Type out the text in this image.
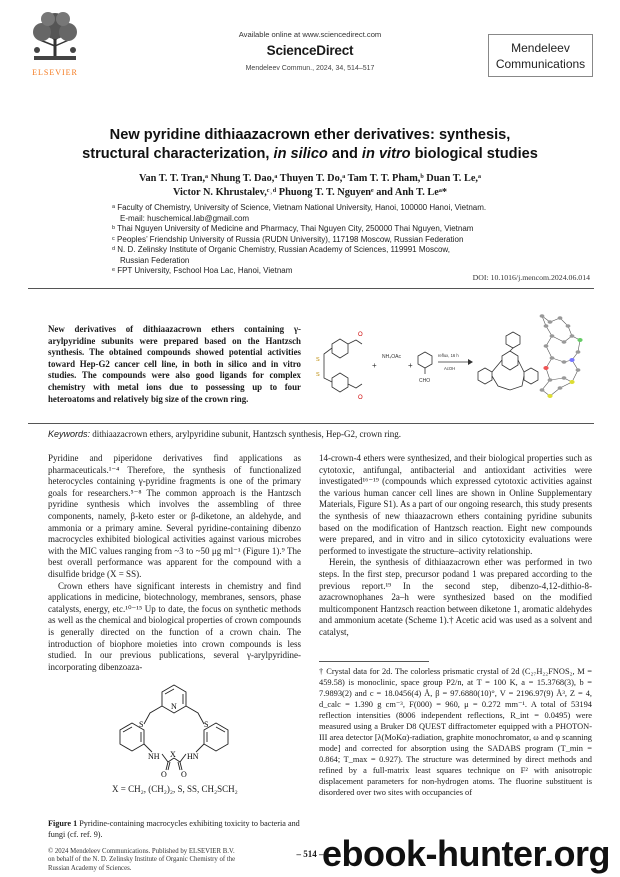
ELSEVIER
Available online at www.sciencedirect.com
ScienceDirect
Mendeleev Commun., 2024, 34, 514–517
Mendeleev
Communications
New pyridine dithiaazacrown ether derivatives: synthesis,
structural characterization, in silico and in vitro biological studies
Van T. T. Tran,ᵃ Nhung T. Dao,ᵃ Thuyen T. Do,ᵃ Tam T. T. Pham,ᵇ Duan T. Le,ᵃ
Victor N. Khrustalev,ᶜ˒ᵈ Phuong T. T. Nguyenᵉ and Anh T. Leᵃ*
ᵃ Faculty of Chemistry, University of Science, Vietnam National University, Hanoi, 100000 Hanoi, Vietnam.
E-mail: huschemical.lab@gmail.com
ᵇ Thai Nguyen University of Medicine and Pharmacy, Thai Nguyen City, 250000 Thai Nguyen, Vietnam
ᶜ Peoples’ Friendship University of Russia (RUDN University), 117198 Moscow, Russian Federation
ᵈ N. D. Zelinsky Institute of Organic Chemistry, Russian Academy of Sciences, 119991 Moscow,
Russian Federation
ᵉ FPT University, Fschool Hoa Lac, Hanoi, Vietnam
DOI: 10.1016/j.mencom.2024.06.014
New derivatives of dithiaazacrown ethers containing γ-arylpyridine subunits were prepared based on the Hantzsch synthesis. The obtained compounds showed potential activities toward Hep-G2 cancer cell line, in both in silico and in vitro studies. The compounds were also good ligands for complex chemistry with metal ions due to possessing up to four heteroatoms and relatively big size of the crown ring.
O
O
S
S
+
NH₄OAc
+
CHO
reflux, 16 h
AcOH
Keywords: dithiaazacrown ethers, arylpyridine subunit, Hantzsch synthesis, Hep-G2, crown ring.

Pyridine and piperidone derivatives find applications as pharmaceuticals.¹⁻⁴ Therefore, the synthesis of functionalized heterocycles containing γ-pyridine fragments is one of the primary goals for researchers.⁵⁻⁸ The common approach is the Hantzsch pyridine synthesis which involves the assembling of three components, namely, β-keto ester or β-diketone, an aldehyde, and ammonia or a primary amine. Several pyridine-containing dibenzo macrocycles exhibited biological activities against various microbes with the MIC values ranging from ~3 to ~50 μg ml⁻¹ (Figure 1).⁹ The best overall performance was apparent for the compound with a disulfide bridge (X = SS).

Crown ethers have significant interests in chemistry and find applications in medicine, biotechnology, membranes, sensors, phase catalysts, energy, etc.¹⁰⁻¹⁵ Up to date, the focus on synthetic methods as well as the chemical and biological properties of crown compounds is generally directed on the function of a crown chain. The introduction of biophore moieties into crown compounds is less studied. In our previous publications, several γ-arylpyridine-incorporating dibenzoaza-

N
S	S
NH	HN
X
O O
X = CH₂, (CH₂)₂, S, SS, CH₂SCH₂
Figure 1 Pyridine-containing macrocycles exhibiting toxicity to bacteria and fungi (cf. ref. 9).

14-crown-4 ethers were synthesized, and their biological properties such as cytotoxic, antifungal, antibacterial and antioxidant activities were investigated¹⁶⁻¹⁹ (compounds which expressed cytotoxic activities against the various human cancer cell lines are shown in Online Supplementary Materials, Figure S1). As a part of our ongoing research, this study presents the synthesis of new thiaazacrown ethers containing pyridine subunits based on the modification of Hantzsch reaction. Eight new compounds were prepared, and in vitro and in silico cytotoxicity evaluations were performed to investigate the structure–activity relationship.

Herein, the synthesis of dithiaazacrown ether was performed in two steps. In the first step, precursor podand 1 was prepared according to the previous report.¹⁹ In the second step, dibenzo-4,12-dithio-8-azacrownophanes 2a–h were synthesized based on the modified multicomponent Hantzsch reaction between diketone 1, aromatic aldehydes and ammonium acetate (Scheme 1).† Acetic acid was used as a solvent and catalyst,

† Crystal data for 2d. The colorless prismatic crystal of 2d (C₂₇H₂₂FNOS₂, M = 459.58) is monoclinic, space group P2/n, at T = 100 K, a = 15.3768(3), b = 7.9893(2) and c = 18.0456(4) Å, β = 97.6880(10)°, V = 2196.97(9) Å³, Z = 4, d_calc = 1.390 g cm⁻³, F(000) = 960, μ = 0.272 mm⁻¹. A total of 53194 reflection intensities (8006 independent reflections, R_int = 0.0495) were measured using a Bruker D8 QUEST diffractometer equipped with a PHOTON-III area detector [λ(MoKα)-radiation, graphite monochromator, ω and φ scanning mode] and corrected for absorption using the SADABS program (T_min = 0.864; T_max = 0.927). The structure was determined by direct methods and refined by a full-matrix least squares technique on F² with anisotropic displacement parameters for non-hydrogen atoms. The fluorine substituent is disordered over two sites with occupancies of
© 2024 Mendeleev Communications. Published by ELSEVIER B.V.
on behalf of the N. D. Zelinsky Institute of Organic Chemistry of the
Russian Academy of Sciences.
– 514 –
ebook-hunter.org
